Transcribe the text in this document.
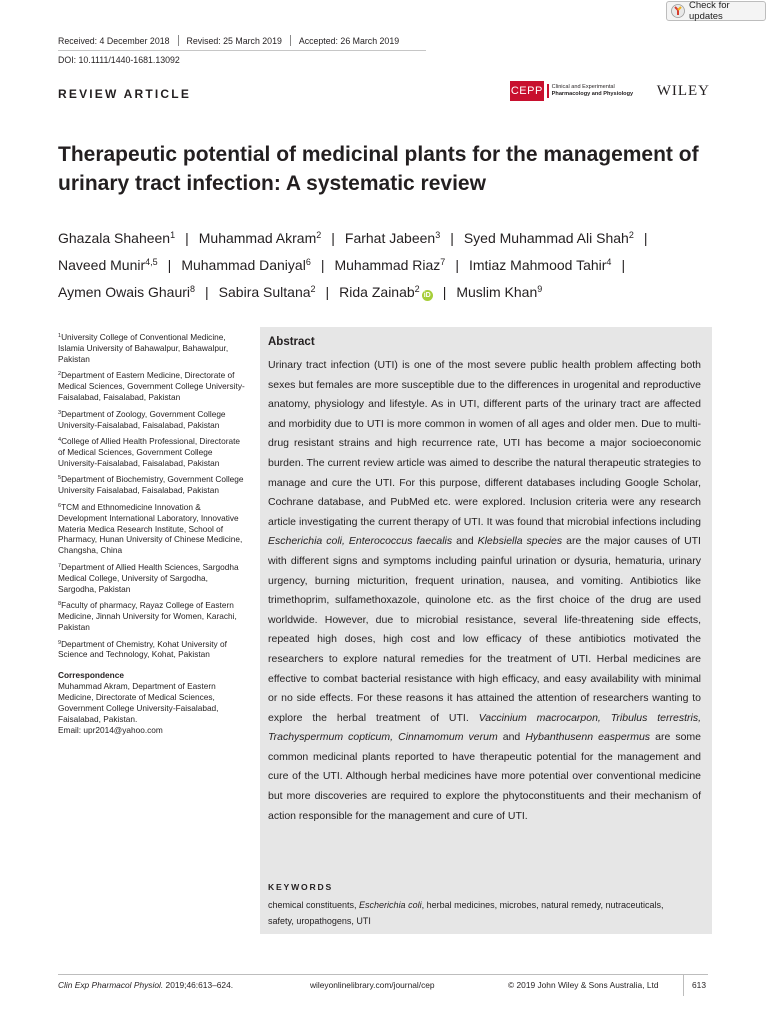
Check for updates
Received: 4 December 2018 Revised: 25 March 2019 Accepted: 26 March 2019
DOI: 10.1111/1440-1681.13092
REVIEW ARTICLE	CEPP Clinical and Experimental
Pharmacology and Physiology	WILEY
Therapeutic potential of medicinal plants for the management of urinary tract infection: A systematic review
Ghazala Shaheen$^1$ | Muhammad Akram$^2$ | Farhat Jabeen$^3$ | Syed Muhammad Ali Shah$^2$ |
Naveed Munir$^{4,5}$ | Muhammad Daniyal$^6$ | Muhammad Riaz$^7$ | Imtiaz Mahmood Tahir$^4$ |
Aymen Owais Ghauri$^8$ | Sabira Sultana$^2$ | Rida Zainab$^2$iD | Muslim Khan$^9$

$^1$University College of Conventional Medicine, Islamia University of Bahawalpur, Bahawalpur, Pakistan

$^2$Department of Eastern Medicine, Directorate of Medical Sciences, Government College University-Faisalabad, Faisalabad, Pakistan

$^3$Department of Zoology, Government College University-Faisalabad, Faisalabad, Pakistan

$^4$College of Allied Health Professional, Directorate of Medical Sciences, Government College University-Faisalabad, Faisalabad, Pakistan

$^5$Department of Biochemistry, Government College University Faisalabad, Faisalabad, Pakistan

$^6$TCM and Ethnomedicine Innovation & Development International Laboratory, Innovative Materia Medica Research Institute, School of Pharmacy, Hunan University of Chinese Medicine, Changsha, China

$^7$Department of Allied Health Sciences, Sargodha Medical College, University of Sargodha, Sargodha, Pakistan

$^8$Faculty of pharmacy, Rayaz College of Eastern Medicine, Jinnah University for Women, Karachi, Pakistan

$^9$Department of Chemistry, Kohat University of Science and Technology, Kohat, Pakistan

Correspondence

Muhammad Akram, Department of Eastern Medicine, Directorate of Medical Sciences, Government College University-Faisalabad, Faisalabad, Pakistan.
Email: upr2014@yahoo.com

Abstract
Urinary tract infection (UTI) is one of the most severe public health problem affecting both sexes but females are more susceptible due to the differences in urogenital and reproductive anatomy, physiology and lifestyle. As in UTI, different parts of the urinary tract are affected and morbidity due to UTI is more common in women of all ages and older men. Due to multi-drug resistant strains and high recurrence rate, UTI has become a major socioeconomic burden. The current review article was aimed to describe the natural therapeutic strategies to manage and cure the UTI. For this purpose, different databases including Google Scholar, Cochrane database, and PubMed etc. were explored. Inclusion criteria were any research article investigating the current therapy of UTI. It was found that microbial infections including Escherichia coli, Enterococcus faecalis and Klebsiella species are the major causes of UTI with different signs and symptoms including painful urination or dysuria, hematuria, urinary urgency, burning micturition, frequent urination, nausea, and vomiting. Antibiotics like trimethoprim, sulfamethoxazole, quinolone etc. as the first choice of the drug are used worldwide. However, due to microbial resistance, several life-threatening side effects, repeated high doses, high cost and low efficacy of these antibiotics motivated the researchers to explore natural remedies for the treatment of UTI. Herbal medicines are effective to combat bacterial resistance with high efficacy, and easy availability with minimal or no side effects. For these reasons it has attained the attention of researchers wanting to explore the herbal treatment of UTI. Vaccinium macrocarpon, Tribulus terrestris, Trachyspermum copticum, Cinnamomum verum and Hybanthusenn easpermus are some common medicinal plants reported to have therapeutic potential for the management and cure of the UTI. Although herbal medicines have more potential over conventional medicine but more discoveries are required to explore the phytoconstituents and their mechanism of action responsible for the management and cure of UTI.
KEYWORDS
chemical constituents, Escherichia coli, herbal medicines, microbes, natural remedy, nutraceuticals, safety, uropathogens, UTI
Clin Exp Pharmacol Physiol. 2019;46:613–624.	wileyonlinelibrary.com/journal/cep	© 2019 John Wiley & Sons Australia, Ltd	613
